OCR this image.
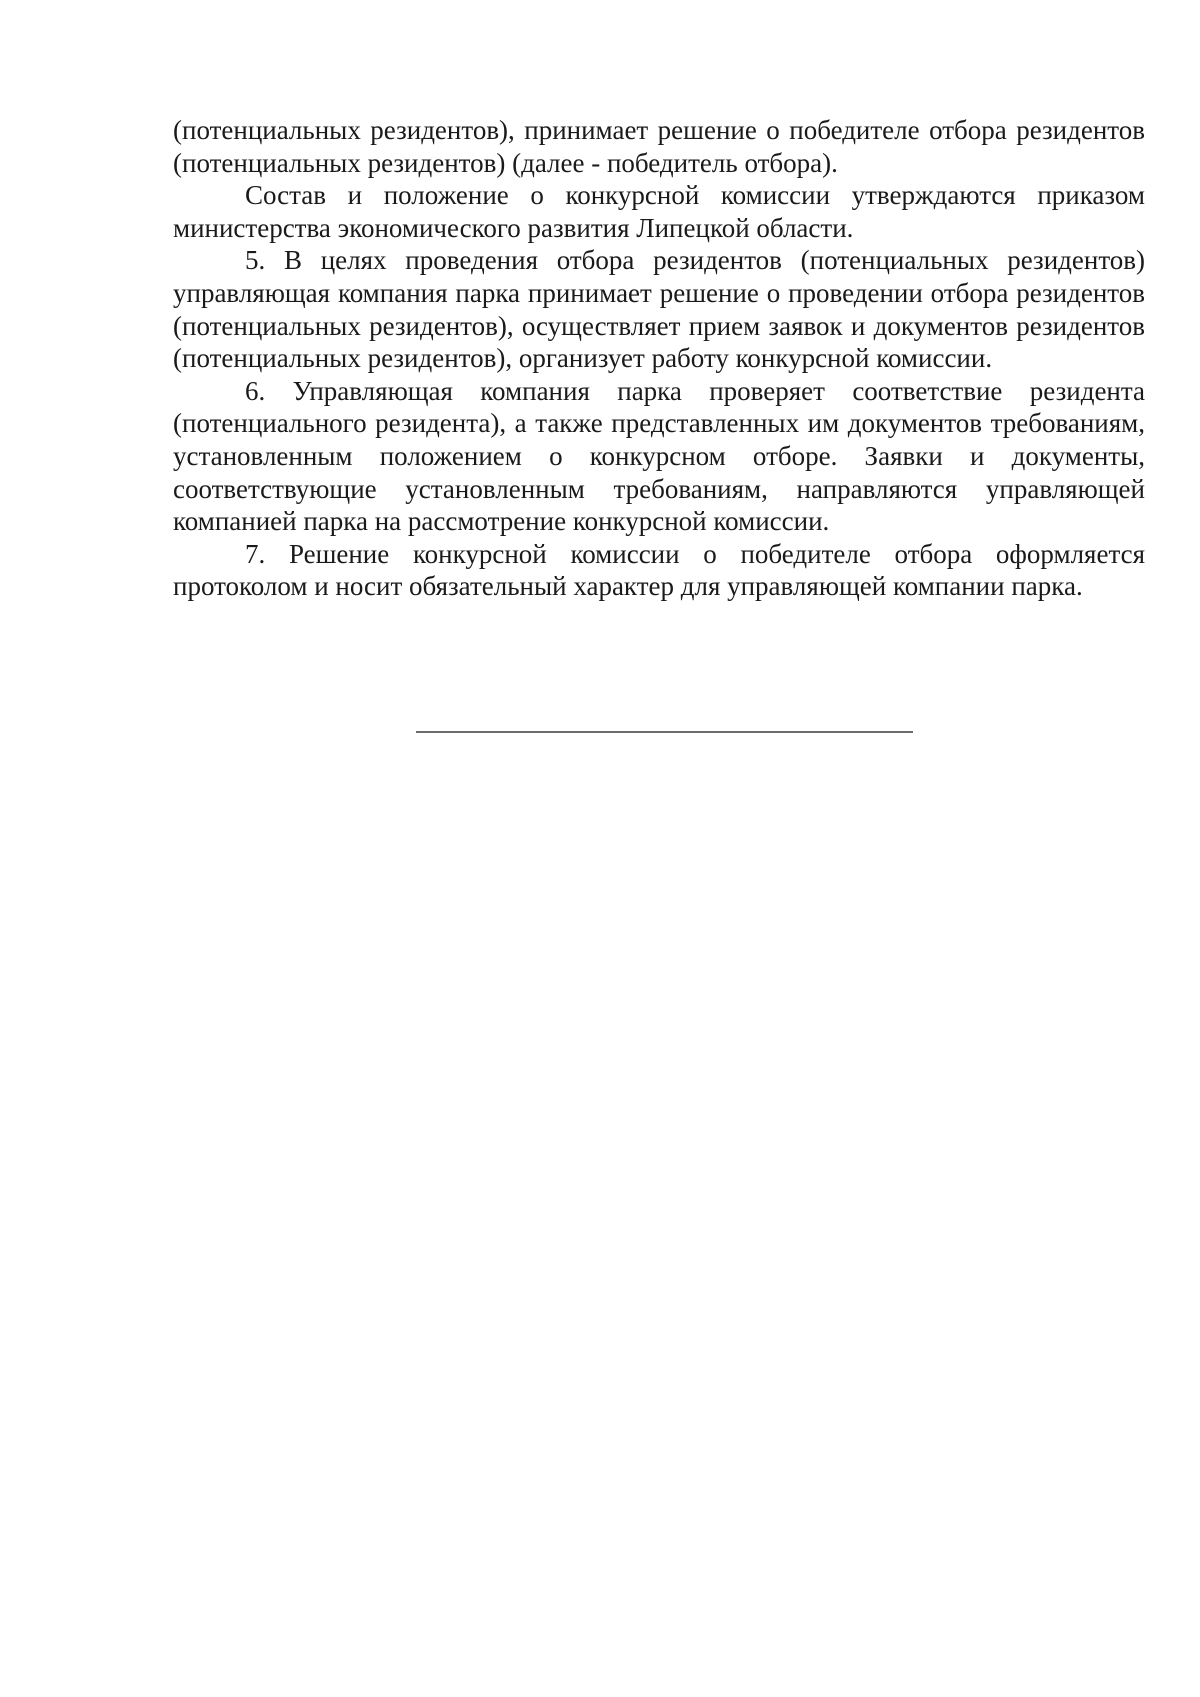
(потенциальных резидентов), принимает решение о победителе отбора резидентов (потенциальных резидентов) (далее - победитель отбора).

Состав и положение о конкурсной комиссии утверждаются приказом министерства экономического развития Липецкой области.

5. В целях проведения отбора резидентов (потенциальных резидентов) управляющая компания парка принимает решение о проведении отбора резидентов (потенциальных резидентов), осуществляет прием заявок и документов резидентов (потенциальных резидентов), организует работу конкурсной комиссии.

6. Управляющая компания парка проверяет соответствие резидента (потенциального резидента), а также представленных им документов требованиям, установленным положением о конкурсном отборе. Заявки и документы, соответствующие установленным требованиям, направляются управляющей компанией парка на рассмотрение конкурсной комиссии.

7. Решение конкурсной комиссии о победителе отбора оформляется протоколом и носит обязательный характер для управляющей компании парка.
